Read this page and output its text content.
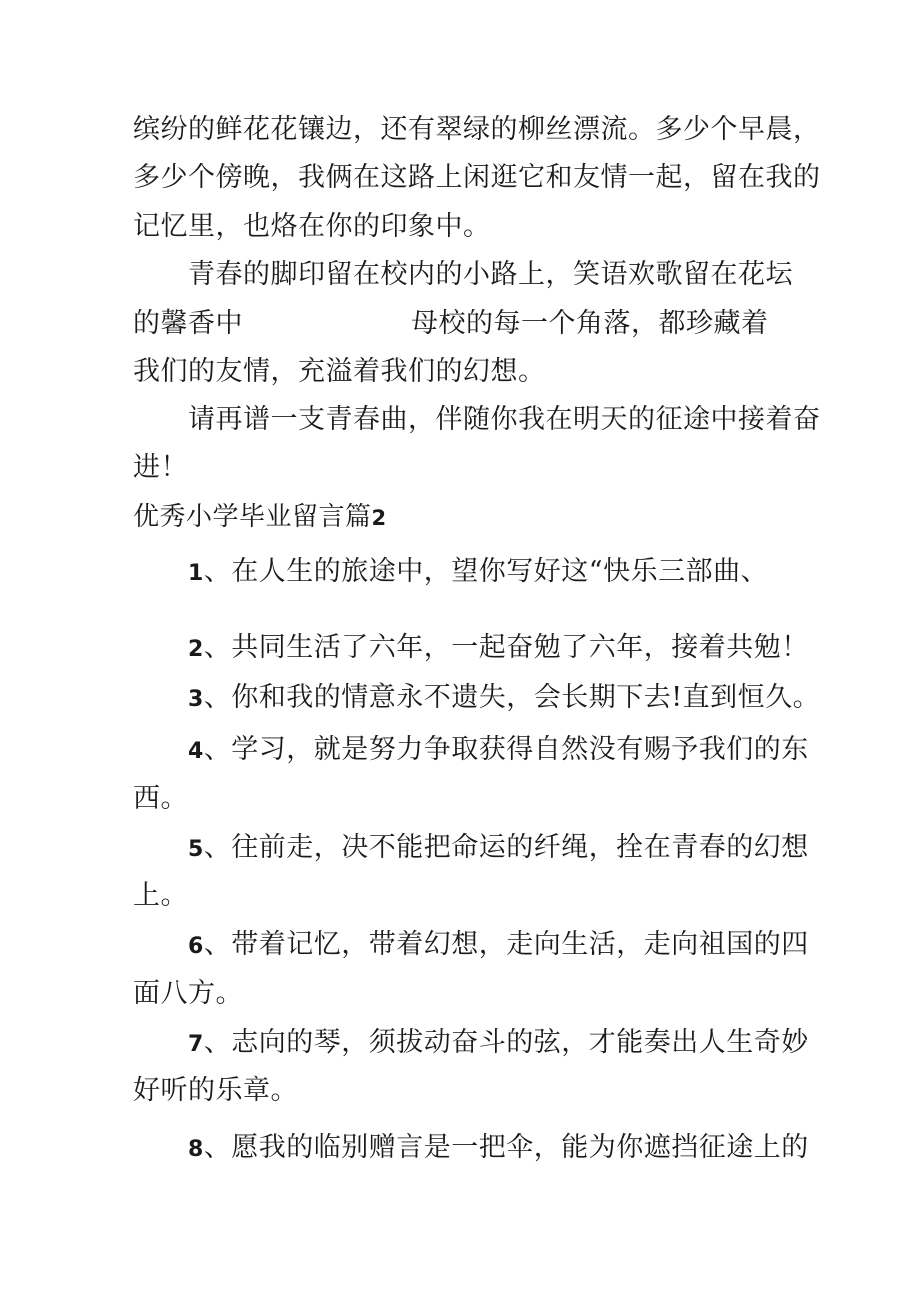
缤纷的鲜花花镶边，还有翠绿的柳丝漂流。多少个早晨，
多少个傍晚，我俩在这路上闲逛它和友情一起，留在我的
记忆里，也烙在你的印象中。
青春的脚印留在校内的小路上，笑语欢歌留在花坛
的馨香中	母校的每一个角落，都珍藏着
我们的友情，充溢着我们的幻想。
请再谱一支青春曲，伴随你我在明天的征途中接着奋
进！
优秀小学毕业留言篇2
1、在人生的旅途中，望你写好这“快乐三部曲、
2、共同生活了六年，一起奋勉了六年，接着共勉！
3、你和我的情意永不遗失，会长期下去!直到恒久。
4、学习，就是努力争取获得自然没有赐予我们的东
西。
5、往前走，决不能把命运的纤绳，拴在青春的幻想
上。
6、带着记忆，带着幻想，走向生活，走向祖国的四
面八方。
7、志向的琴，须拔动奋斗的弦，才能奏出人生奇妙
好听的乐章。
8、愿我的临别赠言是一把伞，能为你遮挡征途上的
